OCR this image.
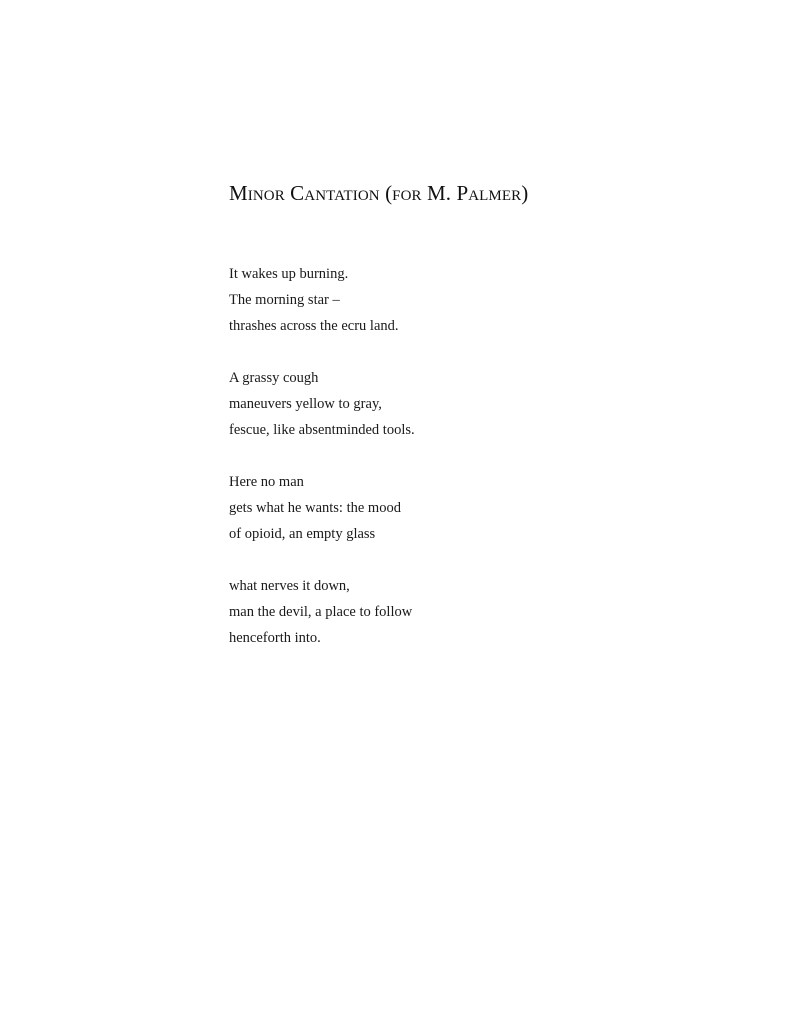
Minor Cantation (for M. Palmer)
It wakes up burning.
The morning star –
thrashes across the ecru land.
A grassy cough
maneuvers yellow to gray,
fescue, like absentminded tools.
Here no man
gets what he wants: the mood
of opioid, an empty glass
what nerves it down,
man the devil, a place to follow
henceforth into.
